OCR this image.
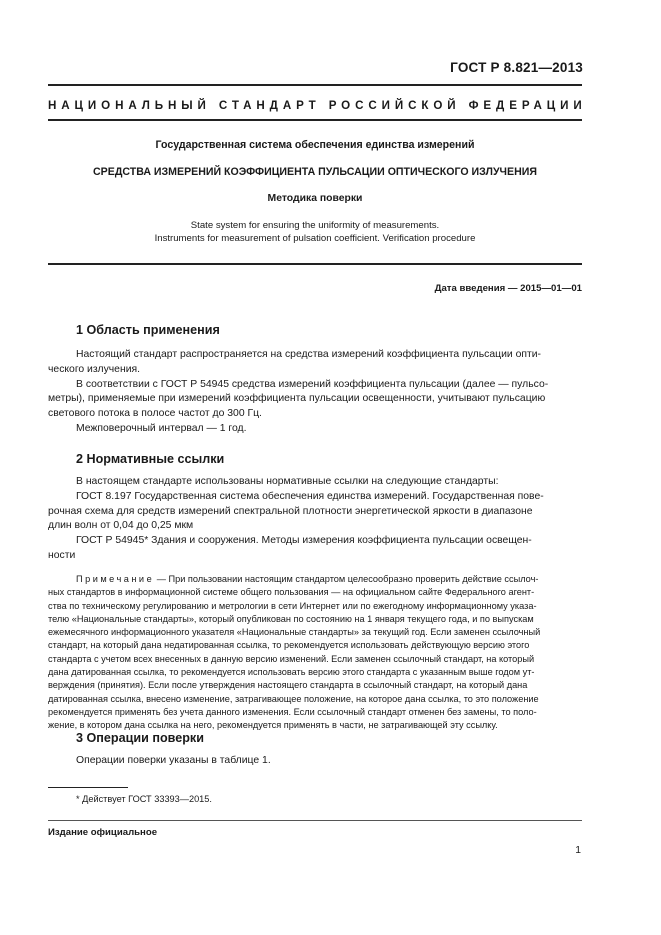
ГОСТ Р 8.821—2013
НАЦИОНАЛЬНЫЙ СТАНДАРТ РОССИЙСКОЙ ФЕДЕРАЦИИ
Государственная система обеспечения единства измерений
СРЕДСТВА ИЗМЕРЕНИЙ КОЭФФИЦИЕНТА ПУЛЬСАЦИИ ОПТИЧЕСКОГО ИЗЛУЧЕНИЯ
Методика поверки
State system for ensuring the uniformity of measurements.
Instruments for measurement of pulsation coefficient. Verification procedure
Дата введения — 2015—01—01
1 Область применения
Настоящий стандарт распространяется на средства измерений коэффициента пульсации опти-
ческого излучения.
В соответствии с ГОСТ Р 54945 средства измерений коэффициента пульсации (далее — пульсо-
метры), применяемые при измерений коэффициента пульсации освещенности, учитывают пульсацию
светового потока в полосе частот до 300 Гц.
Межповерочный интервал — 1 год.
2 Нормативные ссылки
В настоящем стандарте использованы нормативные ссылки на следующие стандарты:
ГОСТ 8.197 Государственная система обеспечения единства измерений. Государственная пове-
рочная схема для средств измерений спектральной плотности энергетической яркости в диапазоне
длин волн от 0,04 до 0,25 мкм
ГОСТ Р 54945* Здания и сооружения. Методы измерения коэффициента пульсации освещен-
ности
Примечание — При пользовании настоящим стандартом целесообразно проверить действие ссылоч-
ных стандартов в информационной системе общего пользования — на официальном сайте Федерального агент-
ства по техническому регулированию и метрологии в сети Интернет или по ежегодному информационному указа-
телю «Национальные стандарты», который опубликован по состоянию на 1 января текущего года, и по выпускам
ежемесячного информационного указателя «Национальные стандарты» за текущий год. Если заменен ссылочный
стандарт, на который дана недатированная ссылка, то рекомендуется использовать действующую версию этого
стандарта с учетом всех внесенных в данную версию изменений. Если заменен ссылочный стандарт, на который
дана датированная ссылка, то рекомендуется использовать версию этого стандарта с указанным выше годом ут-
верждения (принятия). Если после утверждения настоящего стандарта в ссылочный стандарт, на который дана
датированная ссылка, внесено изменение, затрагивающее положение, на которое дана ссылка, то это положение
рекомендуется применять без учета данного изменения. Если ссылочный стандарт отменен без замены, то поло-
жение, в котором дана ссылка на него, рекомендуется применять в части, не затрагивающей эту ссылку.
3 Операции поверки
Операции поверки указаны в таблице 1.
* Действует ГОСТ 33393—2015.
Издание официальное
1
